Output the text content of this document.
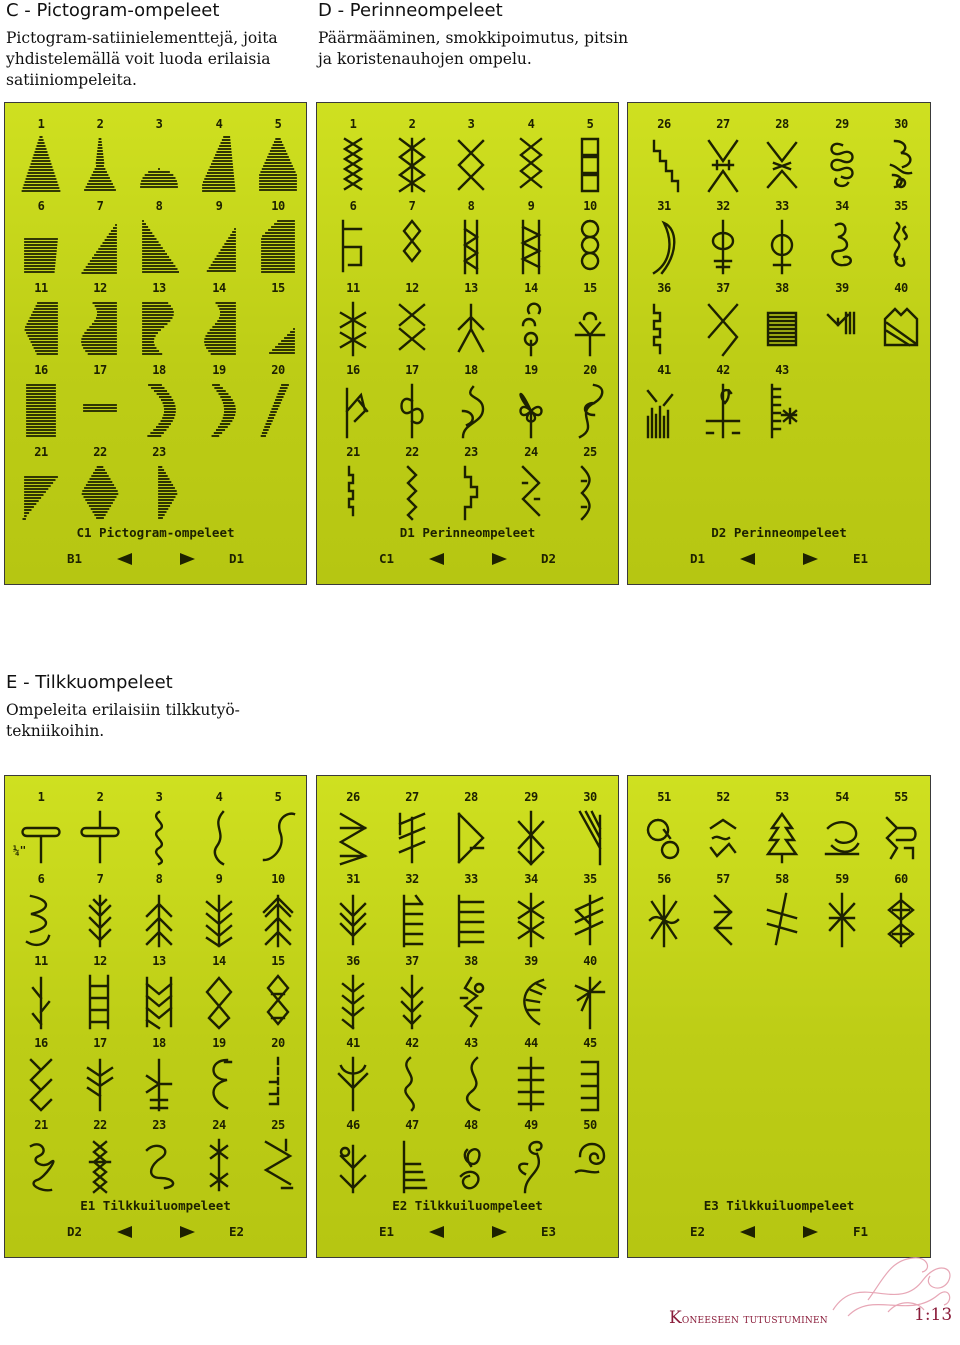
C - Pictogram-ompeleet

Pictogram-satiinielementtejä, joita
yhdistelemällä voit luoda erilaisia
satiiniompeleita.

D - Perinneompeleet

Päärmääminen, smokkipoimutus, pitsin
ja koristenauhojen ompelu.

E - Tilkkuompeleet

Ompeleita erilaisiin tilkkutyö-
tekniikoihin.

1	2	3	4	5
6	7	8	9	10
11	12	13	14	15
16	17	18	19	20
21	22	23
C1 Pictogram-ompeleet
B1	D1
1	2	3	4	5
6	7	8	9	10
11	12	13	14	15
16	17	18	19	20
21	22	23	24	25
D1 Perinneompeleet
C1	D2
26	27	28	29	30
31	32	33	34	35
36	37	38	39	40
41	42	43
D2 Perinneompeleet
D1	E1
1
¼"
2	3	4	5
6	7	8	9	10
11	12	13	14	15
16	17	18	19	20
21	22	23	24	25
E1 Tilkkuiluompeleet
D2	E2
26	27	28	29	30
31	32	33	34	35
36	37	38	39	40
41	42	43	44	45
46	47	48	49	50
E2 Tilkkuiluompeleet
E1	E3
51	52	53	54	55
56	57	58	59	60
E3 Tilkkuiluompeleet
E2	F1
Koneeseen tutustuminen	1:13
